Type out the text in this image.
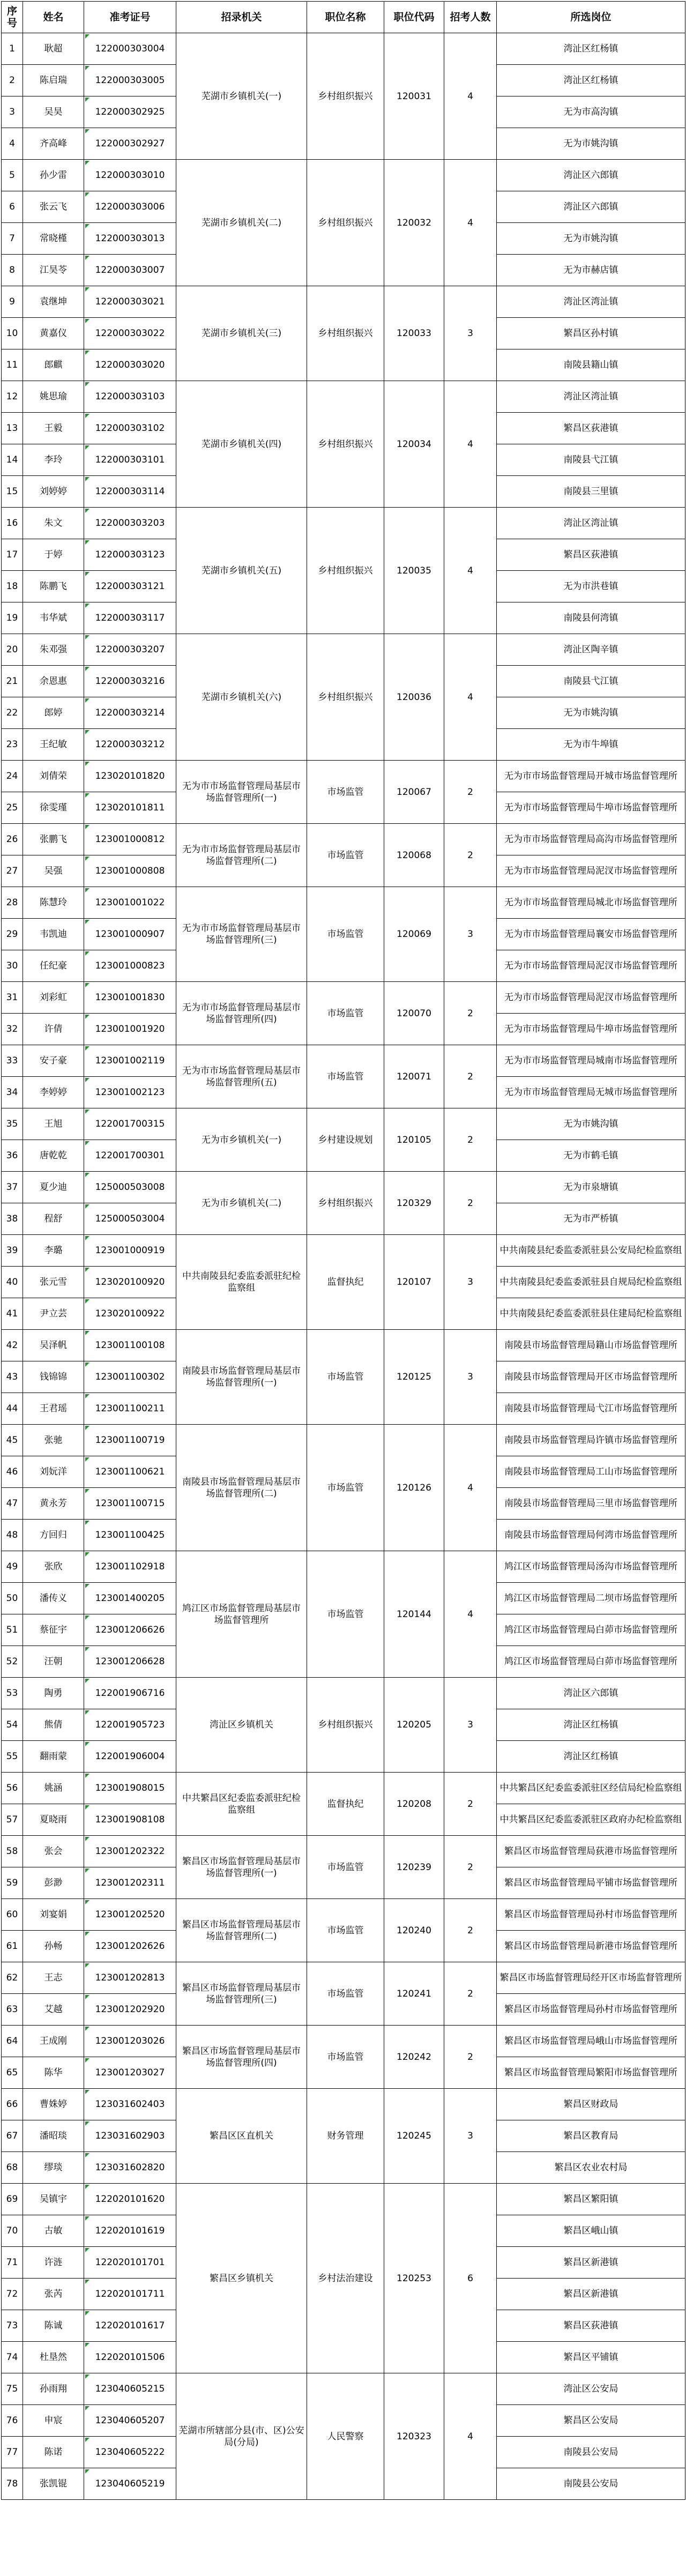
序号	姓名	准考证号	招录机关	职位名称	职位代码	招考人数	所选岗位
1	耿超	122000303004	芜湖市乡镇机关(一)	乡村组织振兴	120031	4	湾沚区红杨镇
2	陈启瑞	122000303005					湾沚区红杨镇
3	吴昊	122000302925					无为市高沟镇
4	齐高峰	122000302927					无为市姚沟镇
5	孙少雷	122000303010	芜湖市乡镇机关(二)	乡村组织振兴	120032	4	湾沚区六郎镇
6	张云飞	122000303006					湾沚区六郎镇
7	常晓槿	122000303013					无为市姚沟镇
8	江昊苓	122000303007					无为市赫店镇
9	袁继坤	122000303021	芜湖市乡镇机关(三)	乡村组织振兴	120033	3	湾沚区湾沚镇
10	黄嘉仪	122000303022					繁昌区孙村镇
11	郎麒	122000303020					南陵县籍山镇
12	姚思瑜	122000303103	芜湖市乡镇机关(四)	乡村组织振兴	120034	4	湾沚区湾沚镇
13	王毅	122000303102					繁昌区荻港镇
14	李玲	122000303101					南陵县弋江镇
15	刘婷婷	122000303114					南陵县三里镇
16	朱文	122000303203	芜湖市乡镇机关(五)	乡村组织振兴	120035	4	湾沚区湾沚镇
17	于婷	122000303123					繁昌区荻港镇
18	陈鹏飞	122000303121					无为市洪巷镇
19	韦华斌	122000303117					南陵县何湾镇
20	朱邓强	122000303207	芜湖市乡镇机关(六)	乡村组织振兴	120036	4	湾沚区陶辛镇
21	余恩惠	122000303216					南陵县弋江镇
22	郎婷	122000303214					无为市姚沟镇
23	王纪敏	122000303212					无为市牛埠镇
24	刘倩荣	123020101820	无为市市场监督管理局基层市场监督管理所(一)	市场监管	120067	2	无为市市场监督管理局开城市场监督管理所
25	徐雯瑾	123020101811					无为市市场监督管理局牛埠市场监督管理所
26	张鹏飞	123001000812	无为市市场监督管理局基层市场监督管理所(二)	市场监管	120068	2	无为市市场监督管理局高沟市场监督管理所
27	吴强	123001000808					无为市市场监督管理局泥汊市场监督管理所
28	陈慧玲	123001001022	无为市市场监督管理局基层市场监督管理所(三)	市场监管	120069	3	无为市市场监督管理局城北市场监督管理所
29	韦凯迪	123001000907					无为市市场监督管理局襄安市场监督管理所
30	任纪豪	123001000823					无为市市场监督管理局泥汊市场监督管理所
31	刘彩虹	123001001830	无为市市场监督管理局基层市场监督管理所(四)	市场监管	120070	2	无为市市场监督管理局泥汊市场监督管理所
32	许倩	123001001920					无为市市场监督管理局牛埠市场监督管理所
33	安子豪	123001002119	无为市市场监督管理局基层市场监督管理所(五)	市场监管	120071	2	无为市市场监督管理局城南市场监督管理所
34	李婷婷	123001002123					无为市市场监督管理局无城市场监督管理所
35	王旭	122001700315	无为市乡镇机关(一)	乡村建设规划	120105	2	无为市姚沟镇
36	唐乾乾	122001700301					无为市鹤毛镇
37	夏少迪	125000503008	无为市乡镇机关(二)	乡村组织振兴	120329	2	无为市泉塘镇
38	程舒	125000503004					无为市严桥镇
39	李璐	123001000919	中共南陵县纪委监委派驻纪检监察组	监督执纪	120107	3	中共南陵县纪委监委派驻县公安局纪检监察组
40	张元雪	123020100920					中共南陵县纪委监委派驻县自规局纪检监察组
41	尹立芸	123020100922					中共南陵县纪委监委派驻县住建局纪检监察组
42	吴泽帆	123001100108	南陵县市场监督管理局基层市场监督管理所(一)	市场监管	120125	3	南陵县市场监督管理局籍山市场监督管理所
43	钱锦锦	123001100302					南陵县市场监督管理局开区市场监督管理所
44	王君瑶	123001100211					南陵县市场监督管理局弋江市场监督管理所
45	张驰	123001100719	南陵县市场监督管理局基层市场监督管理所(二)	市场监管	120126	4	南陵县市场监督管理局许镇市场监督管理所
46	刘妧洋	123001100621					南陵县市场监督管理局工山市场监督管理所
47	黄永芳	123001100715					南陵县市场监督管理局三里市场监督管理所
48	方回归	123001100425					南陵县市场监督管理局何湾市场监督管理所
49	张欣	123001102918	鸠江区市场监督管理局基层市场监督管理所	市场监管	120144	4	鸠江区市场监督管理局汤沟市场监督管理所
50	潘传义	123001400205					鸠江区市场监督管理局二坝市场监督管理所
51	蔡征宇	123001206626					鸠江区市场监督管理局白茆市场监督管理所
52	汪朝	123001206628					鸠江区市场监督管理局白茆市场监督管理所
53	陶勇	122001906716	湾沚区乡镇机关	乡村组织振兴	120205	3	湾沚区六郎镇
54	熊倩	122001905723					湾沚区红杨镇
55	翻雨蒙	122001906004					湾沚区红杨镇
56	姚涵	123001908015	中共繁昌区纪委监委派驻纪检监察组	监督执纪	120208	2	中共繁昌区纪委监委派驻区经信局纪检监察组
57	夏晓雨	123001908108					中共繁昌区纪委监委派驻区政府办纪检监察组
58	张会	123001202322	繁昌区市场监督管理局基层市场监督管理所(一)	市场监管	120239	2	繁昌区市场监督管理局荻港市场监督管理所
59	彭渺	123001202311					繁昌区市场监督管理局平铺市场监督管理所
60	刘宴娟	123001202520	繁昌区市场监督管理局基层市场监督管理所(二)	市场监管	120240	2	繁昌区市场监督管理局孙村市场监督管理所
61	孙畅	123001202626					繁昌区市场监督管理局新港市场监督管理所
62	王志	123001202813	繁昌区市场监督管理局基层市场监督管理所(三)	市场监管	120241	2	繁昌区市场监督管理局经开区市场监督管理所
63	艾越	123001202920					繁昌区市场监督管理局孙村市场监督管理所
64	王成刚	123001203026	繁昌区市场监督管理局基层市场监督管理所(四)	市场监管	120242	2	繁昌区市场监督管理局峨山市场监督管理所
65	陈华	123001203027					繁昌区市场监督管理局繁阳市场监督管理所
66	曹姝婷	123031602403	繁昌区区直机关	财务管理	120245	3	繁昌区财政局
67	潘昭琰	123031602903					繁昌区教育局
68	缪琰	123031602820					繁昌区农业农村局
69	吴镇宇	122020101620	繁昌区乡镇机关	乡村法治建设	120253	6	繁昌区繁阳镇
70	古敏	122020101619					繁昌区峨山镇
71	许涟	122020101701					繁昌区新港镇
72	张芮	122020101711					繁昌区新港镇
73	陈诚	122020101617					繁昌区荻港镇
74	杜垦然	122020101506					繁昌区平铺镇
75	孙雨翔	123040605215	芜湖市所辖部分县(市、区)公安局(分局)	人民警察	120323	4	湾沚区公安局
76	申宸	123040605207					繁昌区公安局
77	陈诺	123040605222					南陵县公安局
78	张凯锟	123040605219					南陵县公安局
